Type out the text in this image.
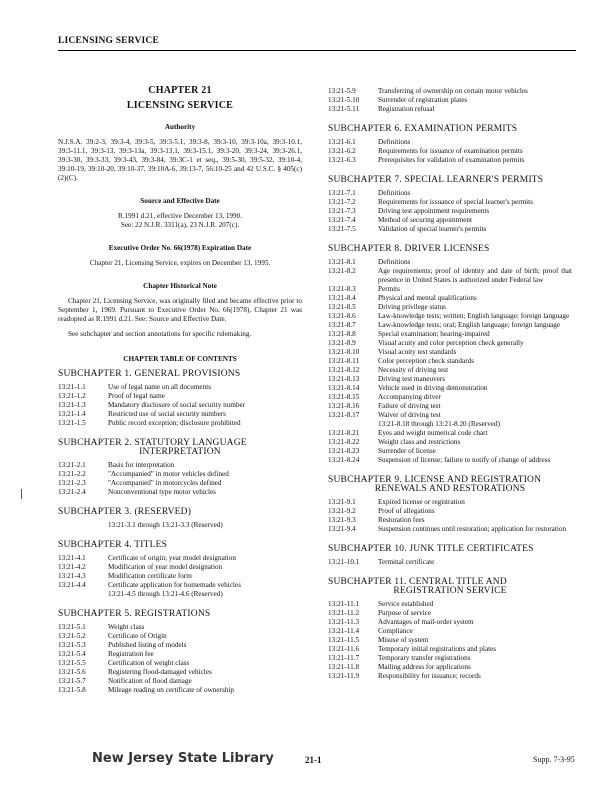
LICENSING SERVICE
CHAPTER 21
LICENSING SERVICE
Authority

N.J.S.A. 39:2-3, 39:3-4, 39:3-5, 39:3-5.1, 39:3-8, 39:3-10, 39:3-10a, 39:3-10.1, 39:3-11.1, 39:3-13, 39:3-13a, 39:3-13.1, 39:3-15.1, 39:3-20, 39:3-24, 39:3-26.1, 39:3-30, 39:3-33, 39:3-43, 39:3-84, 39:3C-1 et seq., 39:5-30, 39:5-32, 39:10-4, 39:10-19, 39:10-20, 39:10-37, 39:10A-6, 39:13-7, 56:10-25 and 42 U.S.C. § 405(c)(2)(C).

Source and Effective Date
R.1991 d.21, effective December 13, 1990.
See: 22 N.J.R. 3311(a), 23 N.J.R. 207(c).
Executive Order No. 66(1978) Expiration Date
Chapter 21, Licensing Service, expires on December 13, 1995.
Chapter Historical Note

Chapter 21, Licensing Service, was originally filed and became effective prior to September 1, 1969. Pursuant to Executive Order No. 66(1978), Chapter 21 was readopted as R.1991 d.21. See: Source and Effective Date.

See subchapter and section annotations for specific rulemaking.

CHAPTER TABLE OF CONTENTS
SUBCHAPTER 1. GENERAL PROVISIONS
13:21-1.1	Use of legal name on all documents
13:21-1.2	Proof of legal name
13:21-1.3	Mandatory disclosure of social security number
13:21-1.4	Restricted use of social security numbers
13:21-1.5	Public record exception; disclosure prohibited
SUBCHAPTER 2. STATUTORY LANGUAGE
INTERPRETATION
13:21-2.1	Basis for interpretation
13:21-2.2	"Accompanied" in motor vehicles defined
13:21-2.3	"Accompanied" in motorcycles defined
13:21-2.4	Nonconventional type motor vehicles
SUBCHAPTER 3. (RESERVED)
13:21-3.1 through 13:21-3.3 (Reserved)
SUBCHAPTER 4. TITLES
13:21-4.1	Certificate of origin; year model designation
13:21-4.2	Modification of year model designation
13:21-4.3	Modification certificate form
13:21-4.4	Certificate application for homemade vehicles
13:21-4.5 through 13:21-4.6 (Reserved)
SUBCHAPTER 5. REGISTRATIONS
13:21-5.1	Weight class
13:21-5.2	Certificate of Origin
13:21-5.3	Published listing of models
13:21-5.4	Registration fee
13:21-5.5	Certification of weight class
13:21-5.6	Registering flood-damaged vehicles
13:21-5.7	Notification of flood damage
13:21-5.8	Mileage reading on certificate of ownership
13:21-5.9	Transferring of ownership on certain motor vehicles
13:21-5.10	Surrender of registration plates
13:21-5.11	Registration refusal
SUBCHAPTER 6. EXAMINATION PERMITS
13:21-6.1	Definitions
13:21-6.2	Requirements for issuance of examination permits
13:21-6.3	Prerequisites for validation of examination permits
SUBCHAPTER 7. SPECIAL LEARNER'S PERMITS
13:21-7.1	Definitions
13:21-7.2	Requirements for issuance of special learner's permits
13:21-7.3	Driving test appointment requirements
13:21-7.4	Method of securing appointment
13:21-7.5	Validation of special learner's permits
SUBCHAPTER 8. DRIVER LICENSES
13:21-8.1	Definitions
13:21-8.2	Age requirements; proof of identity and date of birth; proof that presence in United States is authorized under Federal law
13:21-8.3	Permits
13:21-8.4	Physical and mental qualifications
13:21-8.5	Driving privilege status
13:21-8.6	Law-knowledge tests; written; English language; foreign language
13:21-8.7	Law-knowledge tests; oral; English language; foreign language
13:21-8.8	Special examination; hearing-impaired
13:21-8.9	Visual acuity and color perception check generally
13:21-8.10	Visual acuity test standards
13:21-8.11	Color perception check standards
13:21-8.12	Necessity of driving test
13:21-8.13	Driving test maneuvers
13:21-8.14	Vehicle used in driving demonstration
13:21-8.15	Accompanying driver
13:21-8.16	Failure of driving test
13:21-8.17	Waiver of driving test
13:21-8.18 through 13:21-8.20 (Reserved)
13:21-8.21	Eyes and weight numerical code chart
13:21-8.22	Weight class and restrictions
13:21-8.23	Surrender of license
13:21-8.24	Suspension of license; failure to notify of change of address
SUBCHAPTER 9. LICENSE AND REGISTRATION
RENEWALS AND RESTORATIONS
13:21-9.1	Expired license or registration
13:21-9.2	Proof of allegations
13:21-9.3	Restoration fees
13:21-9.4	Suspension continues until restoration; application for restoration
SUBCHAPTER 10. JUNK TITLE CERTIFICATES
13:21-10.1	Terminal certificate
SUBCHAPTER 11. CENTRAL TITLE AND
REGISTRATION SERVICE
13:21-11.1	Service established
13:21-11.2	Purpose of service
13:21-11.3	Advantages of mail-order system
13:21-11.4	Compliance
13:21-11.5	Misuse of system
13:21-11.6	Temporary initial registrations and plates
13:21-11.7	Temporary transfer registrations
13:21-11.8	Mailing address for applications
13:21-11.9	Responsibility for issuance; records
New Jersey State Library	21-1	Supp. 7-3-95
